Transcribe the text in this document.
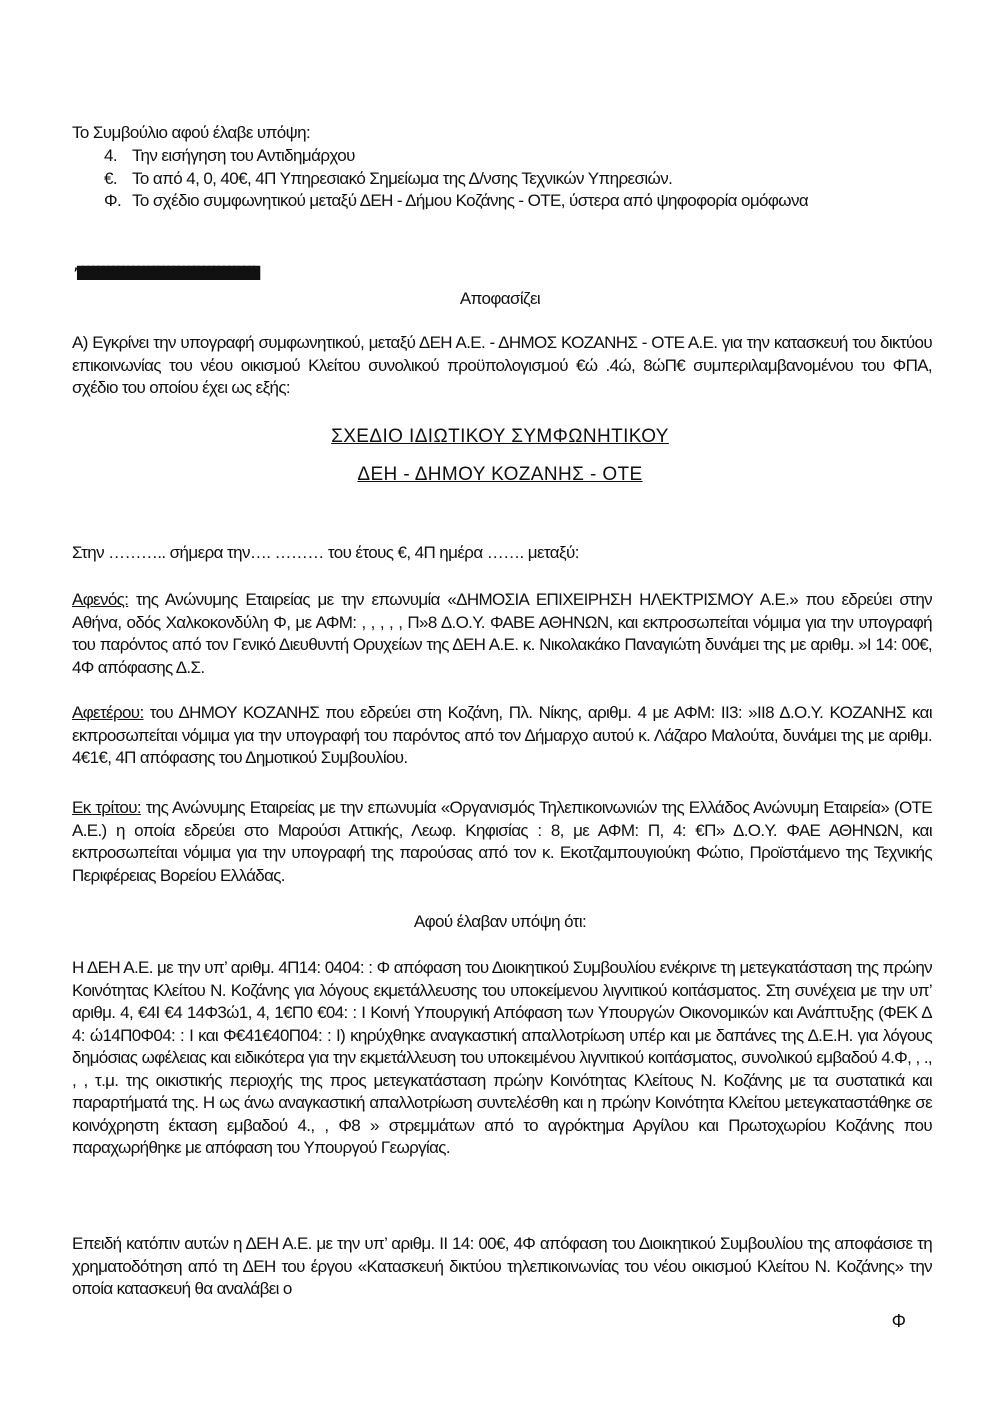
Το Συμβούλιο αφού έλαβε υπόψη:
4. Την εισήγηση του Αντιδημάρχου
€. Το από 4, 0, 40€, 4Π Υπηρεσιακό Σημείωμα της Δ/νσης Τεχνικών Υπηρεσιών.
Φ. Το σχέδιο συμφωνητικού μεταξύ ΔΕΗ - Δήμου Κοζάνης - ΟΤΕ, ύστερα από ψηφοφορία ομόφωνα
’████████████████████████████████████
Αποφασίζει
Α) Εγκρίνει την υπογραφή συμφωνητικού, μεταξύ ΔΕΗ Α.Ε. - ΔΗΜΟΣ ΚΟΖΑΝΗΣ - ΟΤΕ Α.Ε. για την κατασκευή του δικτύου επικοινωνίας του νέου οικισμού Κλείτου συνολικού προϋπολογισμού €ώ .4ώ, 8ώΠ€ συμπεριλαμβανομένου του ΦΠΑ, σχέδιο του οποίου έχει ως εξής:
ΣΧΕΔΙΟ ΙΔΙΩΤΙΚΟΥ ΣΥΜΦΩΝΗΤΙΚΟΥ
ΔΕΗ - ΔΗΜΟΥ ΚΟΖΑΝΗΣ - ΟΤΕ
Στην ……….. σήμερα την…. ……… του έτους €, 4Π ημέρα ……. μεταξύ:
Αφενός: της Ανώνυμης Εταιρείας με την επωνυμία «ΔΗΜΟΣΙΑ ΕΠΙΧΕΙΡΗΣΗ ΗΛΕΚΤΡΙΣΜΟΥ Α.Ε.» που εδρεύει στην Αθήνα, οδός Χαλκοκονδύλη Φ, με ΑΦΜ: , , , , , Π»8 Δ.Ο.Υ. ΦΑΒΕ ΑΘΗΝΩΝ, και εκπροσωπείται νόμιμα για την υπογραφή του παρόντος από τον Γενικό Διευθυντή Ορυχείων της ΔΕΗ Α.Ε. κ. Νικολακάκο Παναγιώτη δυνάμει της με αριθμ. »Ι 14: 00€, 4Φ απόφασης Δ.Σ.
Αφετέρου: του ΔΗΜΟΥ ΚΟΖΑΝΗΣ που εδρεύει στη Κοζάνη, Πλ. Νίκης, αριθμ. 4 με ΑΦΜ: ΙΙ3: »ΙΙ8 Δ.Ο.Υ. ΚΟΖΑΝΗΣ και εκπροσωπείται νόμιμα για την υπογραφή του παρόντος από τον Δήμαρχο αυτού κ. Λάζαρο Μαλούτα, δυνάμει της με αριθμ. 4€1€, 4Π απόφασης του Δημοτικού Συμβουλίου.
Εκ τρίτου: της Ανώνυμης Εταιρείας με την επωνυμία «Οργανισμός Τηλεπικοινωνιών της Ελλάδος Ανώνυμη Εταιρεία» (ΟΤΕ Α.Ε.) η οποία εδρεύει στο Μαρούσι Αττικής, Λεωφ. Κηφισίας : 8, με ΑΦΜ: Π, 4: €Π» Δ.Ο.Υ. ΦΑΕ ΑΘΗΝΩΝ, και εκπροσωπείται νόμιμα για την υπογραφή της παρούσας από τον κ. Εκοτζαμπουγιούκη Φώτιο, Προϊστάμενο της Τεχνικής Περιφέρειας Βορείου Ελλάδας.
Αφού έλαβαν υπόψη ότι:
Η ΔΕΗ Α.Ε. με την υπ’ αριθμ. 4Π14: 0404: : Φ απόφαση του Διοικητικού Συμβουλίου ενέκρινε τη μετεγκατάσταση της πρώην Κοινότητας Κλείτου Ν. Κοζάνης για λόγους εκμετάλλευσης του υποκείμενου λιγνιτικού κοιτάσματος. Στη συνέχεια με την υπ’ αριθμ. 4, €4Ι €4 14Φ3ώ1, 4, 1€Π0 €04: : Ι Κοινή Υπουργική Απόφαση των Υπουργών Οικονομικών και Ανάπτυξης (ΦΕΚ Δ 4: ώ14Π0Φ04: : Ι και Φ€41€40Π04: : Ι) κηρύχθηκε αναγκαστική απαλλοτρίωση υπέρ και με δαπάνες της Δ.Ε.Η. για λόγους δημόσιας ωφέλειας και ειδικότερα για την εκμετάλλευση του υποκειμένου λιγνιτικού κοιτάσματος, συνολικού εμβαδού 4.Φ, , ., , , τ.μ. της οικιστικής περιοχής της προς μετεγκατάσταση πρώην Κοινότητας Κλείτους Ν. Κοζάνης με τα συστατικά και παραρτήματά της. Η ως άνω αναγκαστική απαλλοτρίωση συντελέσθη και η πρώην Κοινότητα Κλείτου μετεγκαταστάθηκε σε κοινόχρηστη έκταση εμβαδού 4., , Φ8 » στρεμμάτων από το αγρόκτημα Αργίλου και Πρωτοχωρίου Κοζάνης που παραχωρήθηκε με απόφαση του Υπουργού Γεωργίας.
Επειδή κατόπιν αυτών η ΔΕΗ Α.Ε. με την υπ’ αριθμ. ΙΙ 14: 00€, 4Φ απόφαση του Διοικητικού Συμβουλίου της αποφάσισε τη χρηματοδότηση από τη ΔΕΗ του έργου «Κατασκευή δικτύου τηλεπικοινωνίας του νέου οικισμού Κλείτου Ν. Κοζάνης» την οποία κατασκευή θα αναλάβει ο
Φ
